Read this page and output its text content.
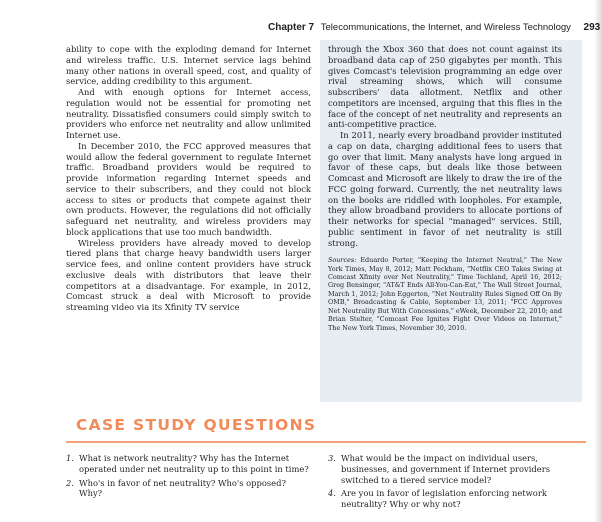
Chapter 7 Telecommunications, the Internet, and Wireless Technology 293

ability to cope with the exploding demand for Internet and wireless traffic. U.S. Internet service lags behind many other nations in overall speed, cost, and quality of service, adding credibility to this argument.

And with enough options for Internet access, regulation would not be essential for promoting net neutrality. Dissatisfied consumers could simply switch to providers who enforce net neutrality and allow unlimited Internet use.

In December 2010, the FCC approved measures that would allow the federal government to regulate Internet traffic. Broadband providers would be required to provide information regarding Internet speeds and service to their subscribers, and they could not block access to sites or products that compete against their own products. However, the regulations did not officially safeguard net neutrality, and wireless providers may block applications that use too much bandwidth.

Wireless providers have already moved to develop tiered plans that charge heavy bandwidth users larger service fees, and online content providers have struck exclusive deals with distributors that leave their competitors at a disadvantage. For example, in 2012, Comcast struck a deal with Microsoft to provide streaming video via its Xfinity TV service

through the Xbox 360 that does not count against its broadband data cap of 250 gigabytes per month. This gives Comcast's television programming an edge over rival streaming shows, which will consume subscribers' data allotment. Netflix and other competitors are incensed, arguing that this flies in the face of the concept of net neutrality and represents an anti-competitive practice.

In 2011, nearly every broadband provider instituted a cap on data, charging additional fees to users that go over that limit. Many analysts have long argued in favor of these caps, but deals like those between Comcast and Microsoft are likely to draw the ire of the FCC going forward. Currently, the net neutrality laws on the books are riddled with loopholes. For example, they allow broadband providers to allocate portions of their networks for special "managed" services. Still, public sentiment in favor of net neutrality is still strong.

Sources: Eduardo Porter, "Keeping the Internet Neutral," The New York Times, May 8, 2012; Matt Peckham, "Netflix CEO Takes Swing at Comcast Xfinity over Net Neutrality," Time Techland, April 16, 2012; Greg Bensinger, "AT&T Ends All-You-Can-Eat," The Wall Street Journal, March 1, 2012; John Eggerton, "Net Neutrality Rules Signed Off On By OMB," Broadcasting & Cable, September 13, 2011; "FCC Approves Net Neutrality But With Concessions," eWeek, December 22, 2010; and Brian Stelter, "Comcast Fee Ignites Fight Over Videos on Internet," The New York Times, November 30, 2010.
CASE STUDY QUESTIONS
1. What is network neutrality? Why has the Internet operated under net neutrality up to this point in time?
2. Who's in favor of net neutrality? Who's opposed? Why?
3. What would be the impact on individual users, businesses, and government if Internet providers switched to a tiered service model?
4. Are you in favor of legislation enforcing network neutrality? Why or why not?
